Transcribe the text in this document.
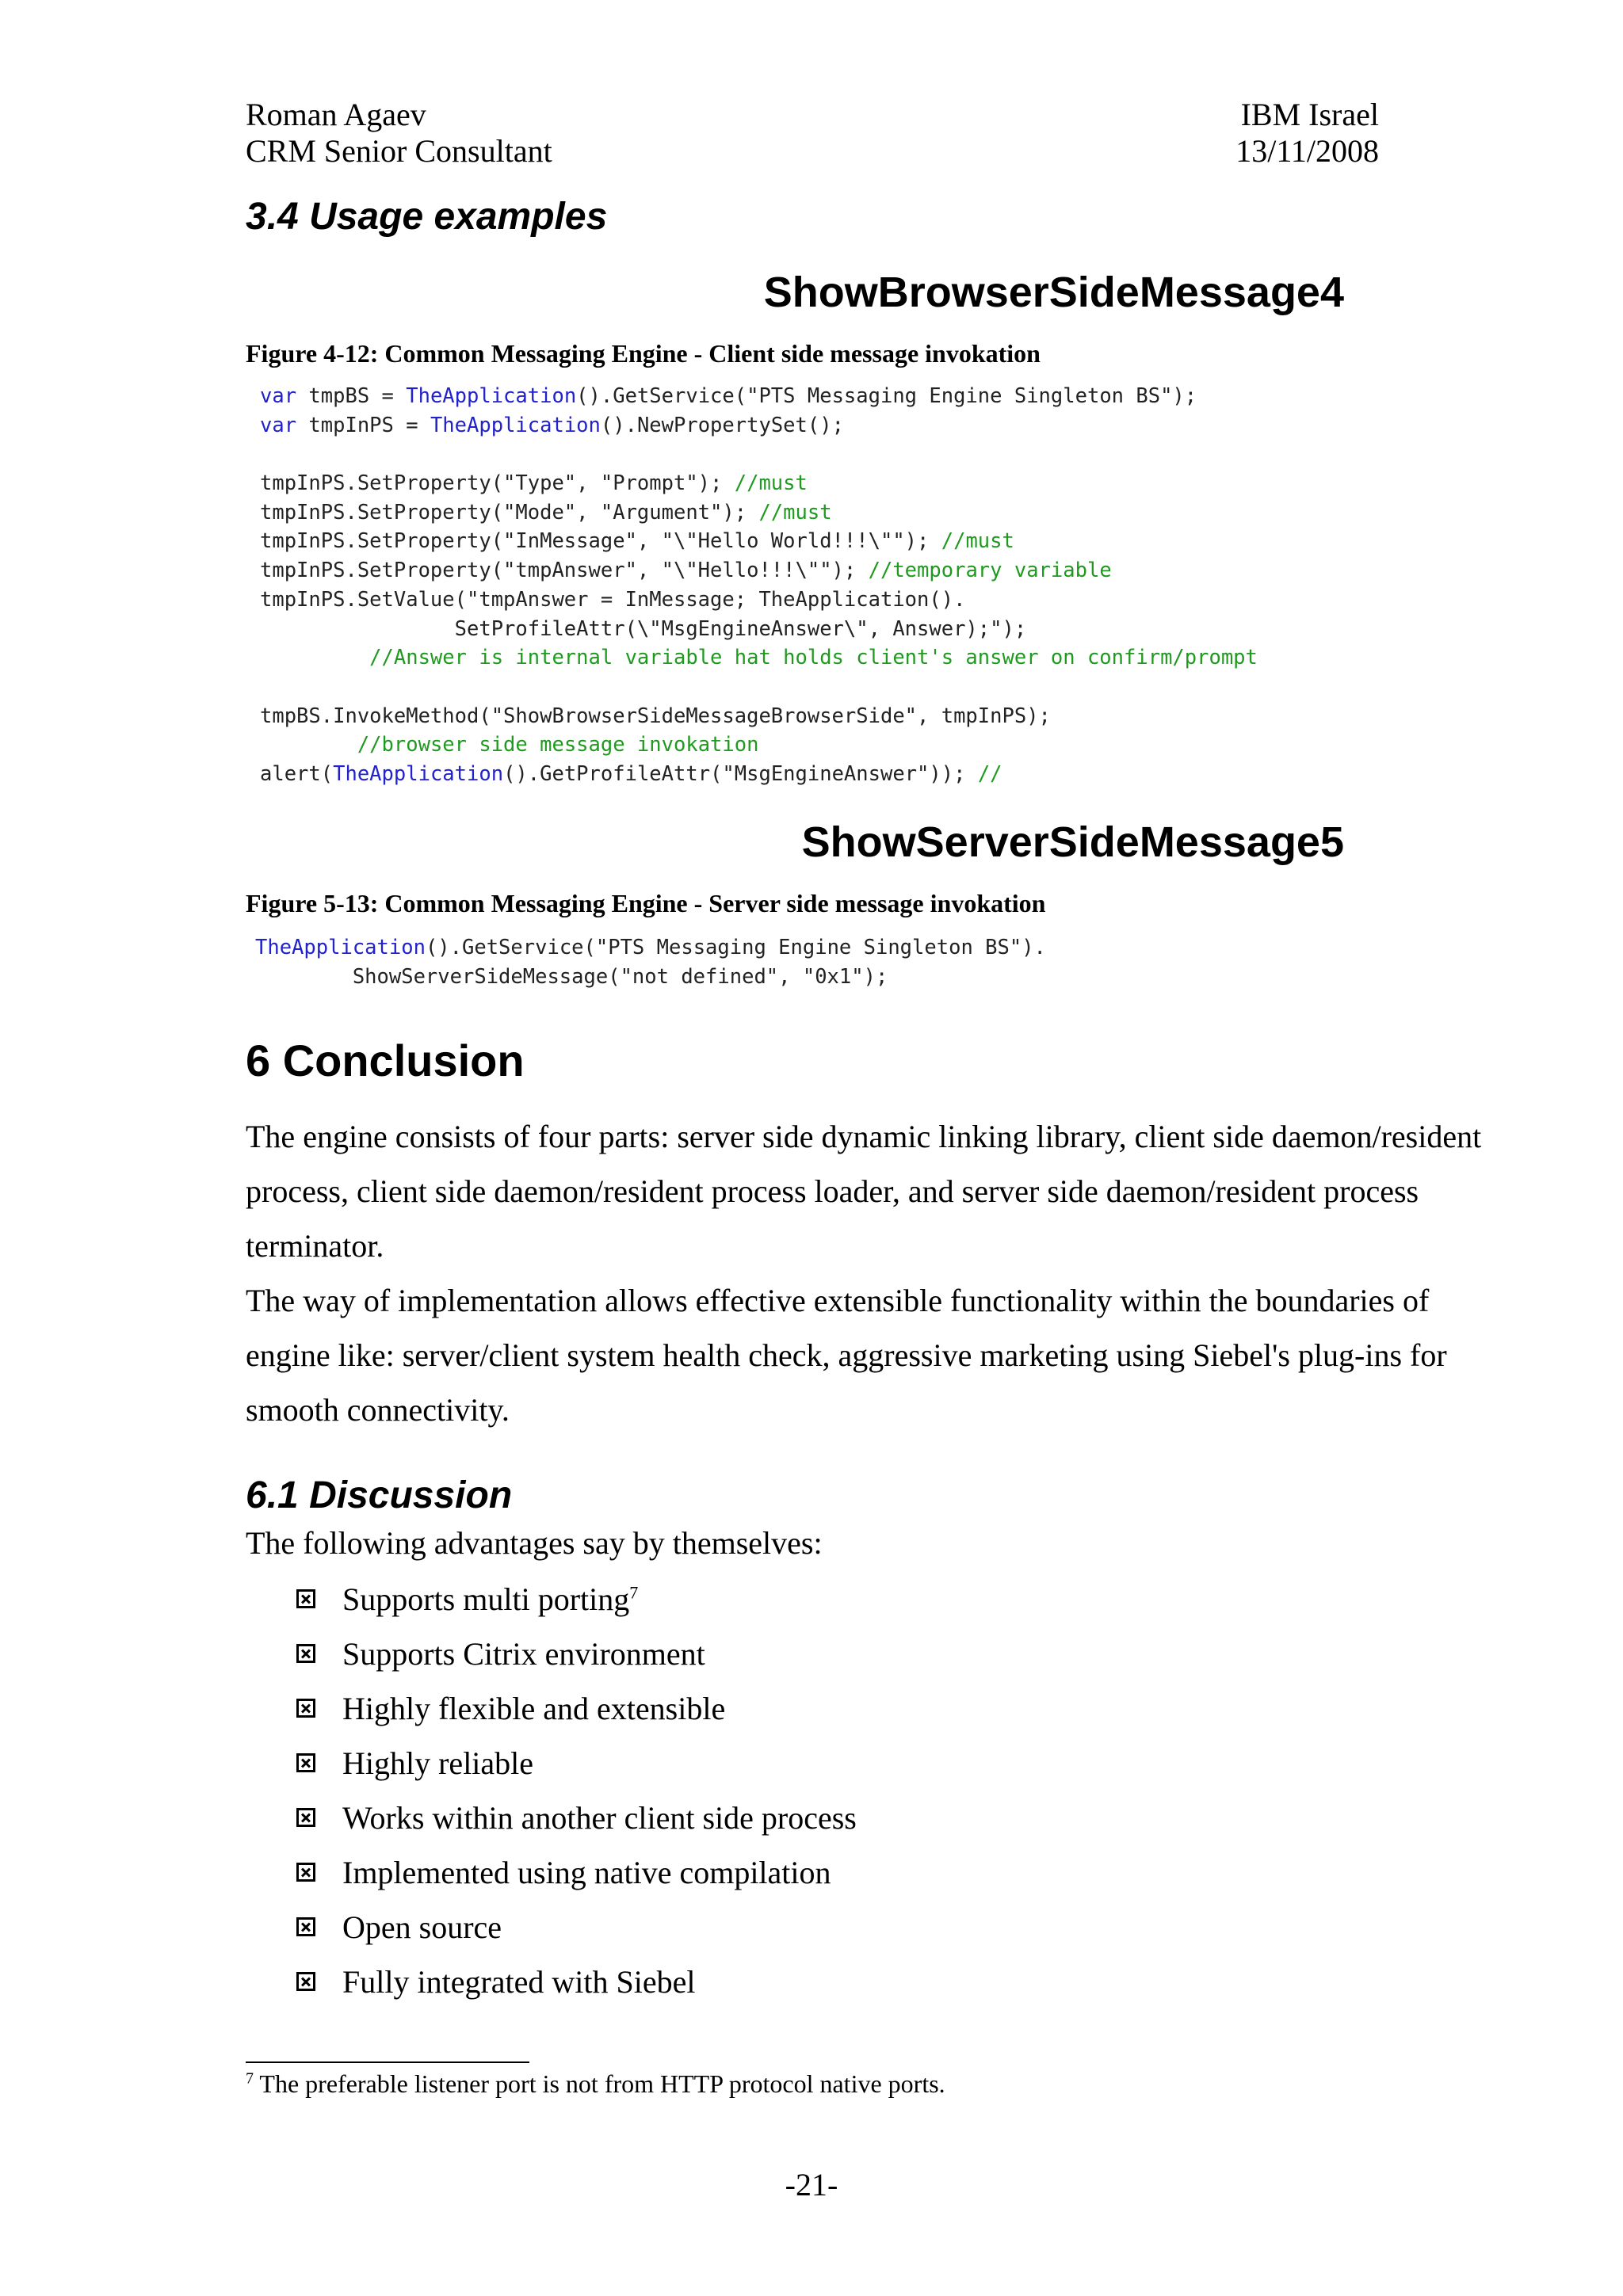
Roman Agaev
CRM Senior Consultant
IBM Israel
13/11/2008
3.4 Usage examples
ShowBrowserSideMessage4
Figure 4-12: Common Messaging Engine - Client side message invokation
var tmpBS = TheApplication().GetService("PTS Messaging Engine Singleton BS");
var tmpInPS = TheApplication().NewPropertySet();

tmpInPS.SetProperty("Type", "Prompt"); //must
tmpInPS.SetProperty("Mode", "Argument"); //must
tmpInPS.SetProperty("InMessage", "\"Hello World!!!\""); //must
tmpInPS.SetProperty("tmpAnswer", "\"Hello!!!\""); //temporary variable
tmpInPS.SetValue("tmpAnswer = InMessage; TheApplication().
SetProfileAttr(\"MsgEngineAnswer\", Answer);");
//Answer is internal variable hat holds client's answer on confirm/prompt

tmpBS.InvokeMethod("ShowBrowserSideMessageBrowserSide", tmpInPS);
//browser side message invokation
alert(TheApplication().GetProfileAttr("MsgEngineAnswer")); //
ShowServerSideMessage5
Figure 5-13: Common Messaging Engine - Server side message invokation
TheApplication().GetService("PTS Messaging Engine Singleton BS").
ShowServerSideMessage("not defined", "0x1");
6 Conclusion

The engine consists of four parts: server side dynamic linking library, client side daemon/resident process, client side daemon/resident process loader, and server side daemon/resident process terminator.

The way of implementation allows effective extensible functionality within the boundaries of engine like: server/client system health check, aggressive marketing using Siebel's plug-ins for smooth connectivity.

6.1 Discussion
The following advantages say by themselves:
Supports multi porting$^7$
Supports Citrix environment
Highly flexible and extensible
Highly reliable
Works within another client side process
Implemented using native compilation
Open source
Fully integrated with Siebel
$^7$ The preferable listener port is not from HTTP protocol native ports.
-21-
